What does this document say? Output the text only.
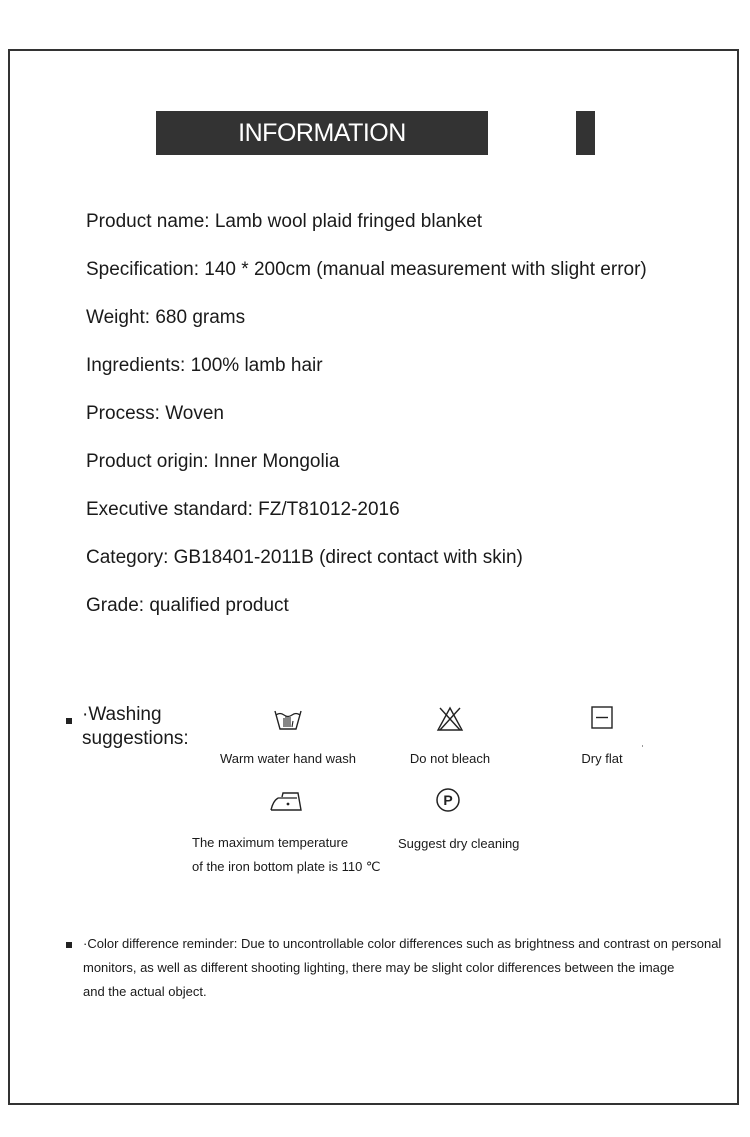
INFORMATION
Product name: Lamb wool plaid fringed blanket
Specification: 140 * 200cm (manual measurement with slight error)
Weight: 680 grams
Ingredients: 100% lamb hair
Process: Woven
Product origin: Inner Mongolia
Executive standard: FZ/T81012-2016
Category: GB18401-2011B (direct contact with skin)
Grade: qualified product
·Washing
suggestions:
Warm water hand wash	Do not bleach	Dry flat
The maximum temperature
of the iron bottom plate is 110 ℃
P
Suggest dry cleaning
·Color difference reminder: Due to uncontrollable color differences such as brightness and contrast on personal
monitors, as well as different shooting lighting, there may be slight color differences between the image
and the actual object.
